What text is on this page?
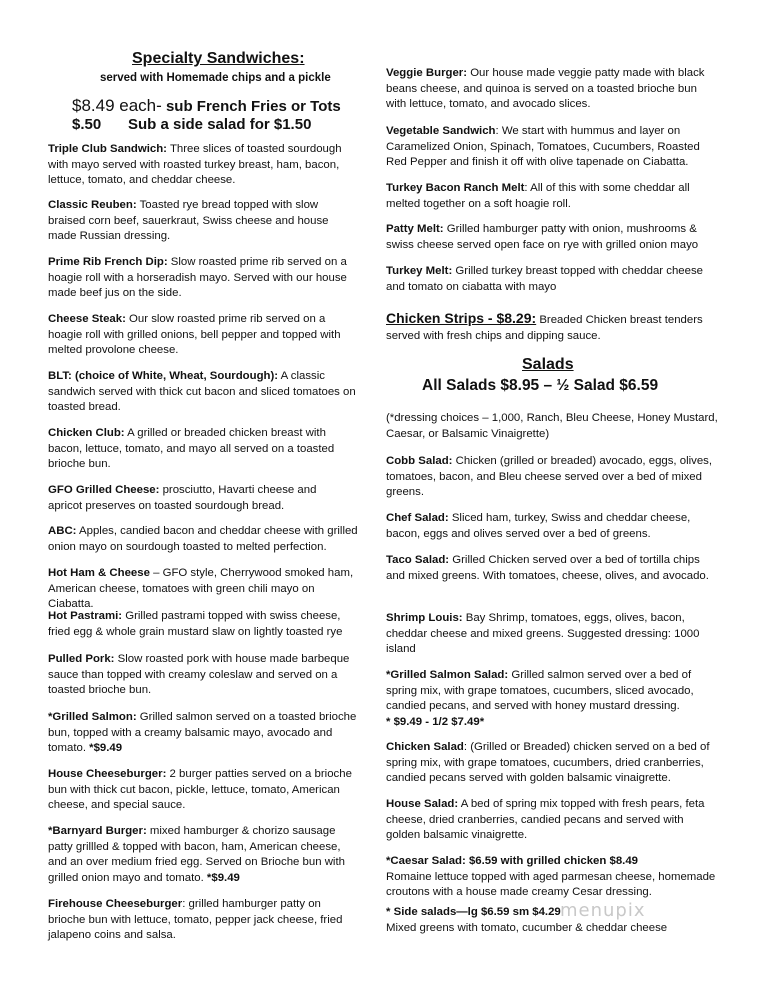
Specialty Sandwiches:
served with Homemade chips and a pickle
$8.49 each- sub French Fries or Tots $.50	Sub a side salad for $1.50
Triple Club Sandwich: Three slices of toasted sourdough with mayo served with roasted turkey breast, ham, bacon, lettuce, tomato, and cheddar cheese.
Classic Reuben: Toasted rye bread topped with slow braised corn beef, sauerkraut, Swiss cheese and house made Russian dressing.
Prime Rib French Dip: Slow roasted prime rib served on a hoagie roll with a horseradish mayo. Served with our house made beef jus on the side.
Cheese Steak: Our slow roasted prime rib served on a hoagie roll with grilled onions, bell pepper and topped with melted provolone cheese.
BLT: (choice of White, Wheat, Sourdough): A classic sandwich served with thick cut bacon and sliced tomatoes on toasted bread.
Chicken Club: A grilled or breaded chicken breast with bacon, lettuce, tomato, and mayo all served on a toasted brioche bun.
GFO Grilled Cheese: prosciutto, Havarti cheese and apricot preserves on toasted sourdough bread.
ABC: Apples, candied bacon and cheddar cheese with grilled onion mayo on sourdough toasted to melted perfection.
Hot Ham & Cheese – GFO style, Cherrywood smoked ham, American cheese, tomatoes with green chili mayo on Ciabatta.
Hot Pastrami: Grilled pastrami topped with swiss cheese, fried egg & whole grain mustard slaw on lightly toasted rye
Pulled Pork: Slow roasted pork with house made barbeque sauce than topped with creamy coleslaw and served on a toasted brioche bun.
*Grilled Salmon: Grilled salmon served on a toasted brioche bun, topped with a creamy balsamic mayo, avocado and tomato. *$9.49
House Cheeseburger: 2 burger patties served on a brioche bun with thick cut bacon, pickle, lettuce, tomato, American cheese, and special sauce.
*Barnyard Burger: mixed hamburger & chorizo sausage patty grillled & topped with bacon, ham, American cheese, and an over medium fried egg. Served on Brioche bun with grilled onion mayo and tomato. *$9.49
Firehouse Cheeseburger: grilled hamburger patty on brioche bun with lettuce, tomato, pepper jack cheese, fried jalapeno coins and salsa.
Veggie Burger: Our house made veggie patty made with black beans cheese, and quinoa is served on a toasted brioche bun with lettuce, tomato, and avocado slices.
Vegetable Sandwich: We start with hummus and layer on Caramelized Onion, Spinach, Tomatoes, Cucumbers, Roasted Red Pepper and finish it off with olive tapenade on Ciabatta.
Turkey Bacon Ranch Melt: All of this with some cheddar all melted together on a soft hoagie roll.
Patty Melt: Grilled hamburger patty with onion, mushrooms & swiss cheese served open face on rye with grilled onion mayo
Turkey Melt: Grilled turkey breast topped with cheddar cheese and tomato on ciabatta with mayo
Chicken Strips - $8.29: Breaded Chicken breast tenders served with fresh chips and dipping sauce.
Salads
All Salads $8.95 – ½ Salad $6.59
(*dressing choices – 1,000, Ranch, Bleu Cheese, Honey Mustard, Caesar, or Balsamic Vinaigrette)
Cobb Salad: Chicken (grilled or breaded) avocado, eggs, olives, tomatoes, bacon, and Bleu cheese served over a bed of mixed greens.
Chef Salad: Sliced ham, turkey, Swiss and cheddar cheese, bacon, eggs and olives served over a bed of greens.
Taco Salad: Grilled Chicken served over a bed of tortilla chips and mixed greens. With tomatoes, cheese, olives, and avocado.
Shrimp Louis: Bay Shrimp, tomatoes, eggs, olives, bacon, cheddar cheese and mixed greens. Suggested dressing: 1000 island
*Grilled Salmon Salad: Grilled salmon served over a bed of spring mix, with grape tomatoes, cucumbers, sliced avocado, candied pecans, and served with honey mustard dressing.
* $9.49 - 1/2 $7.49*
Chicken Salad: (Grilled or Breaded) chicken served on a bed of spring mix, with grape tomatoes, cucumbers, dried cranberries, candied pecans served with golden balsamic vinaigrette.
House Salad: A bed of spring mix topped with fresh pears, feta cheese, dried cranberries, candied pecans and served with golden balsamic vinaigrette.
*Caesar Salad: $6.59 with grilled chicken $8.49
Romaine lettuce topped with aged parmesan cheese, homemade croutons with a house made creamy Cesar dressing.
* Side salads—lg $6.59 sm $4.29
Mixed greens with tomato, cucumber & cheddar cheese
menupix
